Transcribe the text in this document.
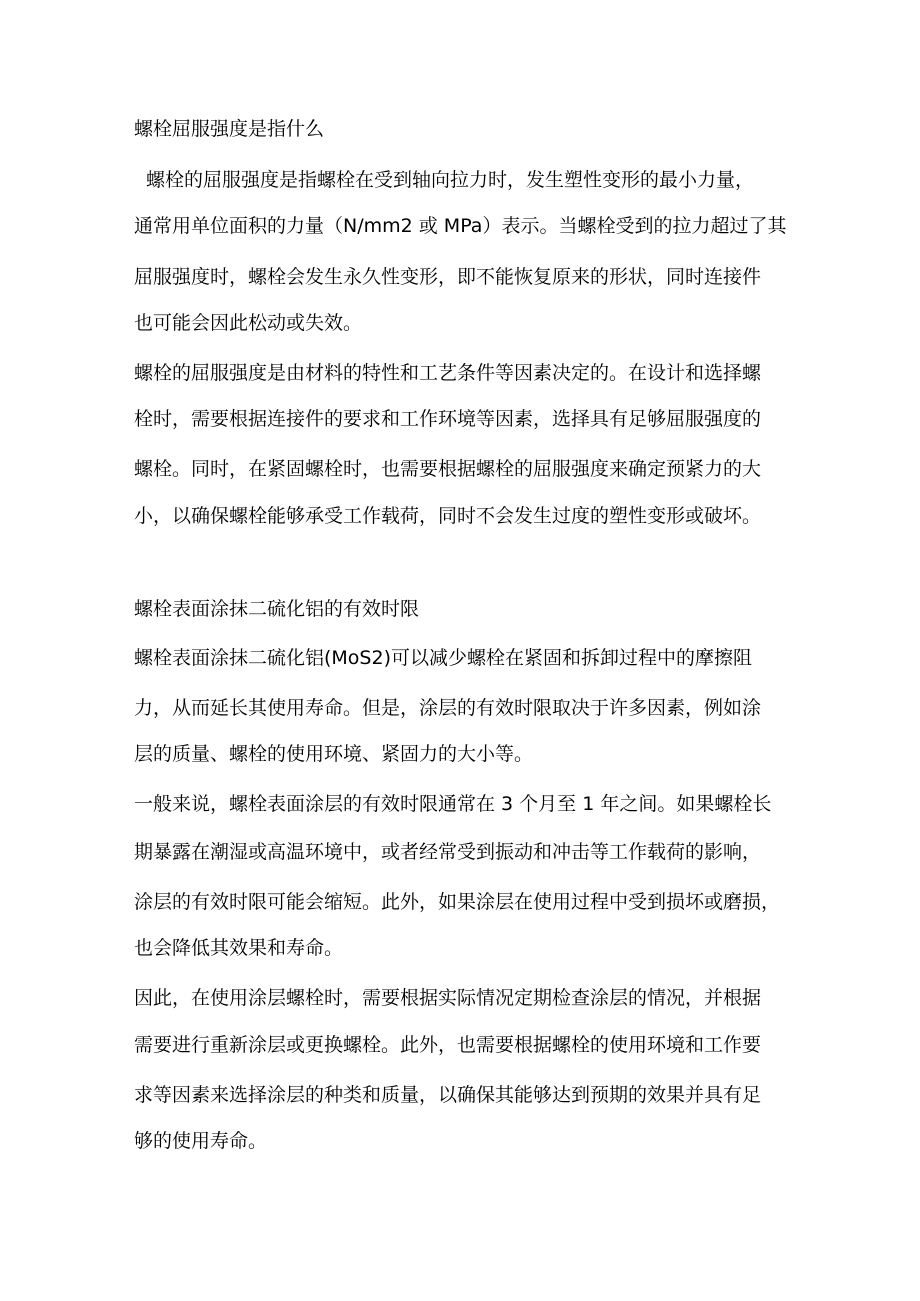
螺栓屈服强度是指什么
螺栓的屈服强度是指螺栓在受到轴向拉力时，发生塑性变形的最小力量，
通常用单位面积的力量（N/mm2 或 MPa）表示。当螺栓受到的拉力超过了其
屈服强度时，螺栓会发生永久性变形，即不能恢复原来的形状，同时连接件
也可能会因此松动或失效。
螺栓的屈服强度是由材料的特性和工艺条件等因素决定的。在设计和选择螺
栓时，需要根据连接件的要求和工作环境等因素，选择具有足够屈服强度的
螺栓。同时，在紧固螺栓时，也需要根据螺栓的屈服强度来确定预紧力的大
小，以确保螺栓能够承受工作载荷，同时不会发生过度的塑性变形或破坏。
螺栓表面涂抹二硫化铝的有效时限
螺栓表面涂抹二硫化铝(MoS2)可以减少螺栓在紧固和拆卸过程中的摩擦阻
力，从而延长其使用寿命。但是，涂层的有效时限取决于许多因素，例如涂
层的质量、螺栓的使用环境、紧固力的大小等。
一般来说，螺栓表面涂层的有效时限通常在 3 个月至 1 年之间。如果螺栓长
期暴露在潮湿或高温环境中，或者经常受到振动和冲击等工作载荷的影响，
涂层的有效时限可能会缩短。此外，如果涂层在使用过程中受到损坏或磨损，
也会降低其效果和寿命。
因此，在使用涂层螺栓时，需要根据实际情况定期检查涂层的情况，并根据
需要进行重新涂层或更换螺栓。此外，也需要根据螺栓的使用环境和工作要
求等因素来选择涂层的种类和质量，以确保其能够达到预期的效果并具有足
够的使用寿命。
